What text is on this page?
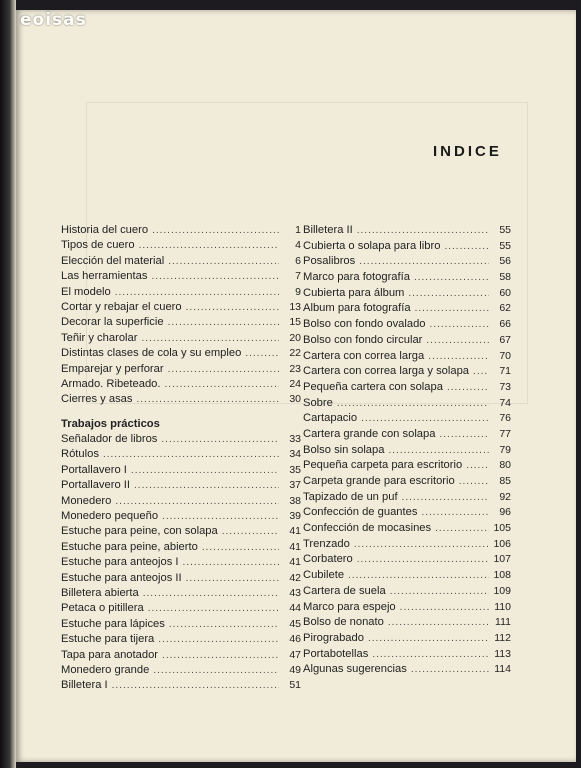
eoisas
INDICE
Historia del cuero .....	1
Tipos de cuero .....	4
Elección del material .....	6
Las herramientas .....	7
El modelo .....	9
Cortar y rebajar el cuero .....	13
Decorar la superficie .....	15
Teñir y charolar .....	20
Distintas clases de cola y su empleo .....	22
Emparejar y perforar .....	23
Armado. Ribeteado. .....	24
Cierres y asas .....	30
Trabajos prácticos
Señalador de libros .....	33
Rótulos .....	34
Portallavero I .....	35
Portallavero II .....	37
Monedero .....	38
Monedero pequeño .....	39
Estuche para peine, con solapa .....	41
Estuche para peine, abierto .....	41
Estuche para anteojos I .....	41
Estuche para anteojos II .....	42
Billetera abierta .....	43
Petaca o pitillera .....	44
Estuche para lápices .....	45
Estuche para tijera .....	46
Tapa para anotador .....	47
Monedero grande .....	49
Billetera I .....	51
Billetera II .....	55
Cubierta o solapa para libro .....	55
Posalibros .....	56
Marco para fotografía .....	58
Cubierta para álbum .....	60
Album para fotografía .....	62
Bolso con fondo ovalado .....	66
Bolso con fondo circular .....	67
Cartera con correa larga .....	70
Cartera con correa larga y solapa .....	71
Pequeña cartera con solapa .....	73
Sobre .....	74
Cartapacio .....	76
Cartera grande con solapa .....	77
Bolso sin solapa .....	79
Pequeña carpeta para escritorio .....	80
Carpeta grande para escritorio .....	85
Tapizado de un puf .....	92
Confección de guantes .....	96
Confección de mocasines .....	105
Trenzado .....	106
Corbatero .....	107
Cubilete .....	108
Cartera de suela .....	109
Marco para espejo .....	110
Bolso de nonato .....	111
Pirograbado .....	112
Portabotellas .....	113
Algunas sugerencias .....	114
